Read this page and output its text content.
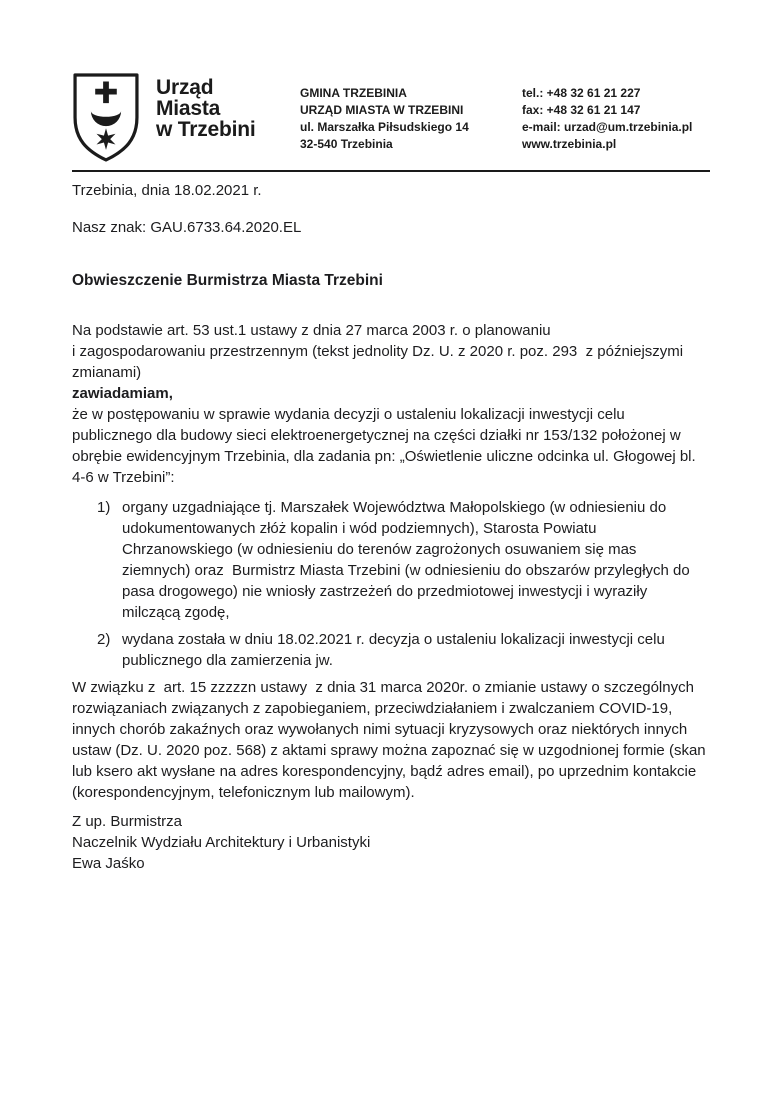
Urząd
Miasta
w Trzebini
GMINA TRZEBINIA
URZĄD MIASTA W TRZEBINI
ul. Marszałka Piłsudskiego 14
32-540 Trzebinia
tel.: +48 32 61 21 227
fax: +48 32 61 21 147
e-mail: urzad@um.trzebinia.pl
www.trzebinia.pl
Trzebinia, dnia 18.02.2021 r.
Nasz znak: GAU.6733.64.2020.EL
Obwieszczenie Burmistrza Miasta Trzebini
Na podstawie art. 53 ust.1 ustawy z dnia 27 marca 2003 r. o planowaniu
i zagospodarowaniu przestrzennym (tekst jednolity Dz. U. z 2020 r. poz. 293  z późniejszymi zmianami)
zawiadamiam,
że w postępowaniu w sprawie wydania decyzji o ustaleniu lokalizacji inwestycji celu publicznego dla budowy sieci elektroenergetycznej na części działki nr 153/132 położonej w obrębie ewidencyjnym Trzebinia, dla zadania pn: „Oświetlenie uliczne odcinka ul. Głogowej bl. 4-6 w Trzebini”:
1) organy uzgadniające tj. Marszałek Województwa Małopolskiego (w odniesieniu do udokumentowanych złóż kopalin i wód podziemnych), Starosta Powiatu Chrzanowskiego (w odniesieniu do terenów zagrożonych osuwaniem się mas ziemnych) oraz  Burmistrz Miasta Trzebini (w odniesieniu do obszarów przyległych do pasa drogowego) nie wniosły zastrzeżeń do przedmiotowej inwestycji i wyraziły milczącą zgodę,
2) wydana została w dniu 18.02.2021 r. decyzja o ustaleniu lokalizacji inwestycji celu publicznego dla zamierzenia jw.
W związku z  art. 15 zzzzzn ustawy  z dnia 31 marca 2020r. o zmianie ustawy o szczególnych rozwiązaniach związanych z zapobieganiem, przeciwdziałaniem i zwalczaniem COVID-19, innych chorób zakaźnych oraz wywołanych nimi sytuacji kryzysowych oraz niektórych innych ustaw (Dz. U. 2020 poz. 568) z aktami sprawy można zapoznać się w uzgodnionej formie (skan lub ksero akt wysłane na adres korespondencyjny, bądź adres email), po uprzednim kontakcie (korespondencyjnym, telefonicznym lub mailowym).
Z up. Burmistrza
Naczelnik Wydziału Architektury i Urbanistyki
Ewa Jaśko
